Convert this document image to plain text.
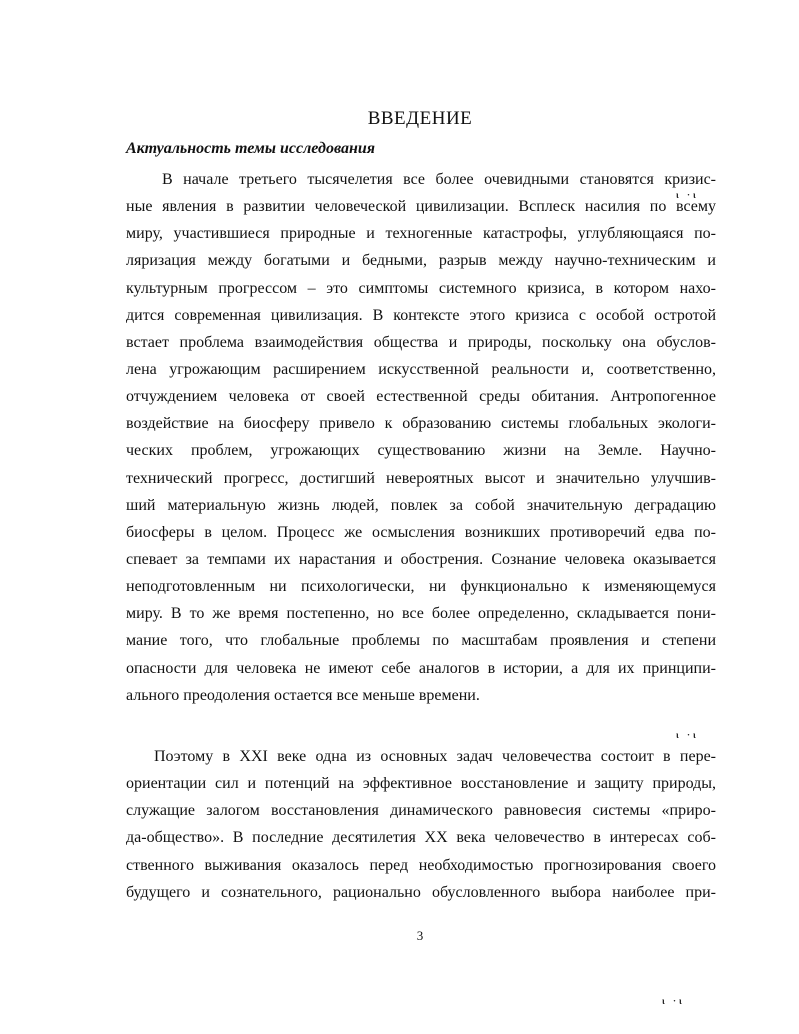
ВВЕДЕНИЕ
Актуальность темы исследования
В начале третьего тысячелетия все более очевидными становятся кризис-
ные явления в развитии человеческой цивилизации. Всплеск насилия по всему
миру, участившиеся природные и техногенные катастрофы, углубляющаяся по-
ляризация между богатыми и бедными, разрыв между научно-техническим и
культурным прогрессом – это симптомы системного кризиса, в котором нахо-
дится современная цивилизация. В контексте этого кризиса с особой остротой
встает проблема взаимодействия общества и природы, поскольку она обуслов-
лена угрожающим расширением искусственной реальности и, соответственно,
отчуждением человека от своей естественной среды обитания. Антропогенное
воздействие на биосферу привело к образованию системы глобальных экологи-
ческих проблем, угрожающих существованию жизни на Земле. Научно-
технический прогресс, достигший невероятных высот и значительно улучшив-
ший материальную жизнь людей, повлек за собой значительную деградацию
биосферы в целом. Процесс же осмысления возникших противоречий едва по-
спевает за темпами их нарастания и обострения. Сознание человека оказывается
неподготовленным ни психологически, ни функционально к изменяющемуся
миру. В то же время постепенно, но все более определенно, складывается пони-
мание того, что глобальные проблемы по масштабам проявления и степени
опасности для человека не имеют себе аналогов в истории, а для их принципи-
ального преодоления остается все меньше времени.
Поэтому в XXI веке одна из основных задач человечества состоит в пере-
ориентации сил и потенций на эффективное восстановление и защиту природы,
служащие залогом восстановления динамического равновесия системы «приро-
да-общество». В последние десятилетия XX века человечество в интересах соб-
ственного выживания оказалось перед необходимостью прогнозирования своего
будущего и сознательного, рационально обусловленного выбора наиболее при-
3
ι ·ι
ι ·ι
ι ·ι
